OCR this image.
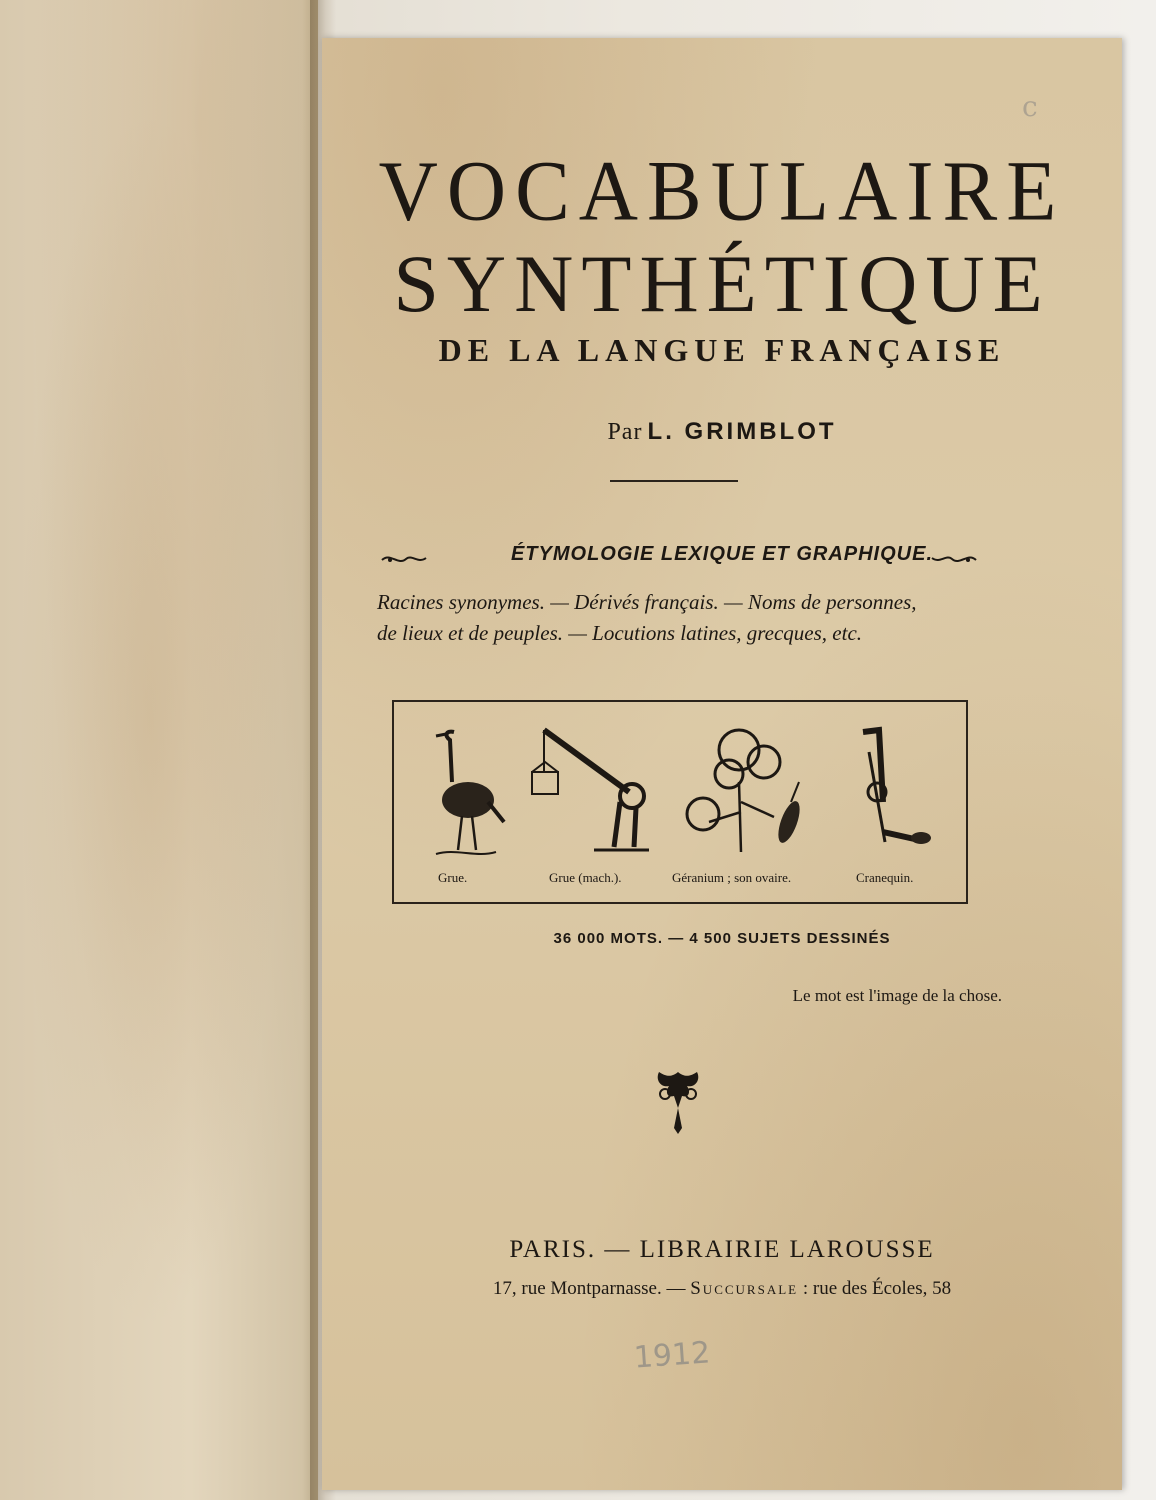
c
VOCABULAIRE
SYNTHÉTIQUE
DE LA LANGUE FRANÇAISE
Par L. GRIMBLOT
ÉTYMOLOGIE LEXIQUE ET GRAPHIQUE.
Racines synonymes. — Dérivés français. — Noms de personnes,
de lieux et de peuples. — Locutions latines, grecques, etc.
Grue.	Grue (mach.).	Géranium ; son ovaire.	Cranequin.
36 000 MOTS. — 4 500 SUJETS DESSINÉS
Le mot est l'image de la chose.
PARIS. — LIBRAIRIE LAROUSSE
17, rue Montparnasse. — Succursale : rue des Écoles, 58
1912
